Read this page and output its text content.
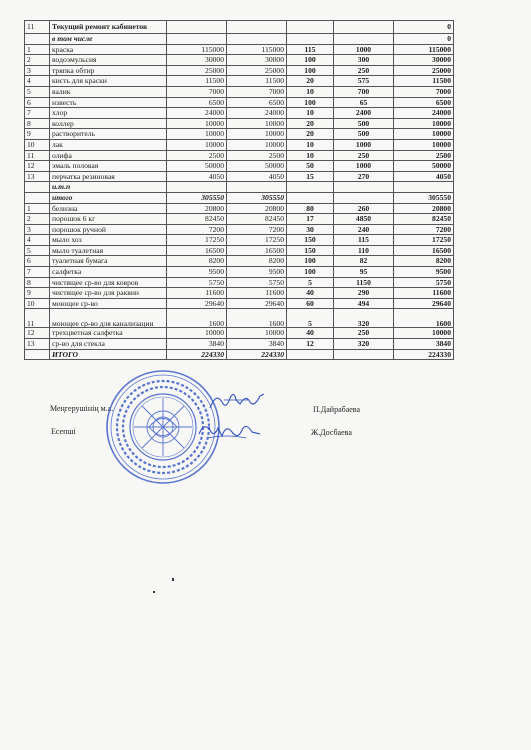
11	Текущий ремонт кабинетов					0
	в том числе					0
1	краска	115000	115000	115	1000	115000
2	водоэмульсия	30000	30000	100	300	30000
3	тряпка обтир	25000	25000	100	250	25000
4	кисть для краски	11500	11500	20	575	11500
5	валик	7000	7000	10	700	7000
6	известь	6500	6500	100	65	6500
7	хлор	24000	24000	10	2400	24000
8	коллер	10000	10000	20	500	10000
9	растворитель	10000	10000	20	500	10000
10	лак	10000	10000	10	1000	10000
11	олифа	2500	2500	10	250	2500
12	эмаль половая	50000	50000	50	1000	50000
13	перчатка резиновая	4050	4050	15	270	4050
	и.т.п					
	итого	305550	305550			305550
1	белизна	20800	20800	80	260	20800
2	порошок 6 кг	82450	82450	17	4850	82450
3	порошок ручной	7200	7200	30	240	7200
4	мыло хоз	17250	17250	150	115	17250
5	мыло туалетная	16500	16500	150	110	16500
6	туалетная бумага	8200	8200	100	82	8200
7	салфетка	9500	9500	100	95	9500
8	чистящее ср-во для ковров	5750	5750	5	1150	5750
9	чистящее ср-во для раквин	11600	11600	40	290	11600
10	моющее ср-во	29640	29640	60	494	29640
11	моющее ср-во для канализации	1600	1600	5	320	1600
12	трехцветная салфетка	10000	10000	40	250	10000
13	ср-во для стекла	3840	3840	12	320	3840
	ИТОГО	224330	224330			224330
Меңгерушінің м.а.	П.Дайрабаева
Есепші	Ж.Досбаева
